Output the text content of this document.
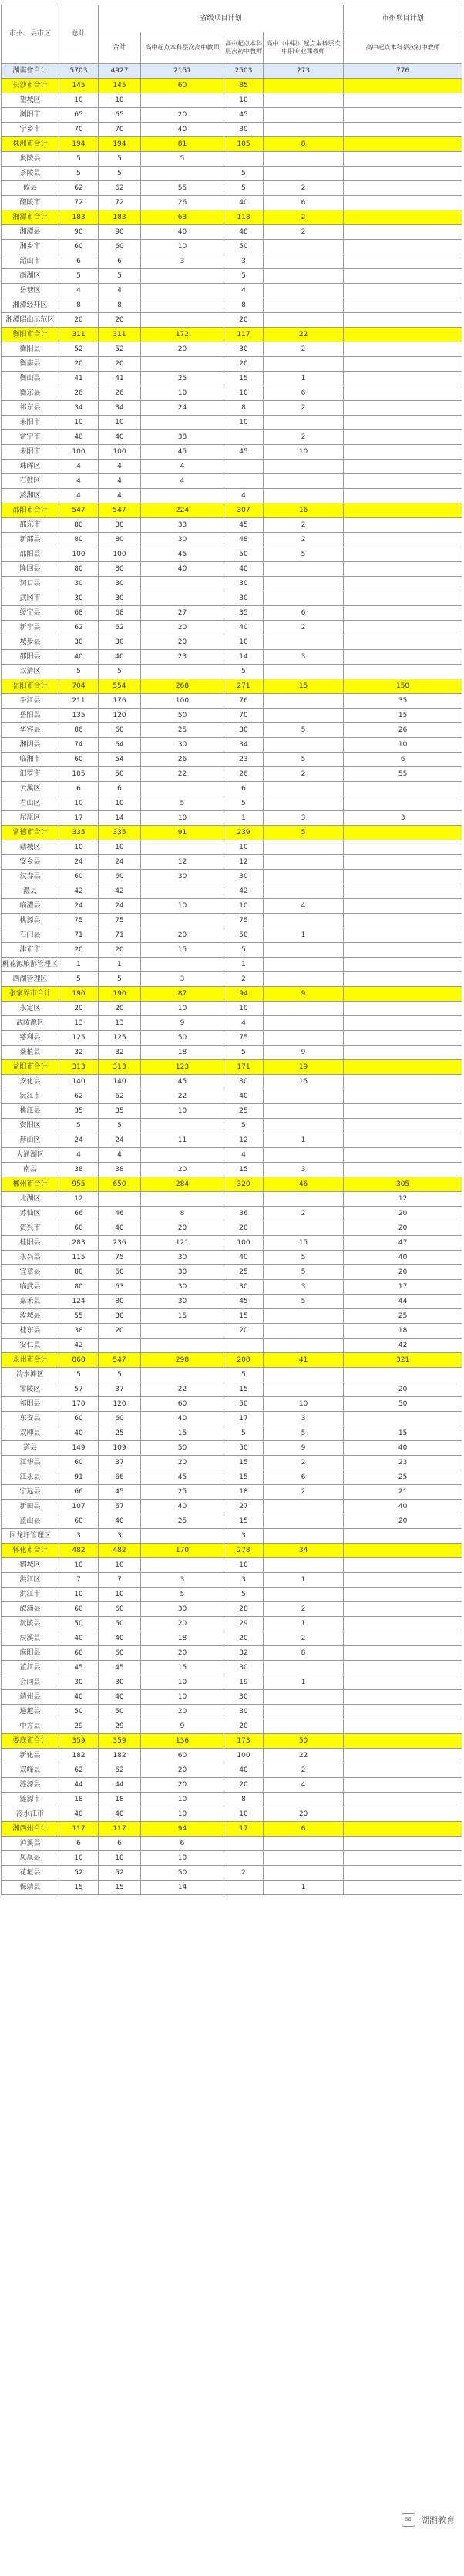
市州、县市区	总计	省级项目计划				市州项目计划
		合计	高中起点本科层次高中教师	高中起点本科层次初中教师	高中（中职）起点本科层次中职专业课教师	高中起点本科层次初中教师
湖南省合计	5703	4927	2151	2503	273	776
长沙市合计	145	145	60	85		
望城区	10	10		10		
浏阳市	65	65	20	45		
宁乡市	70	70	40	30		
株洲市合计	194	194	81	105	8	
炎陵县	5	5	5			
茶陵县	5	5		5		
攸县	62	62	55	5	2	
醴陵市	72	72	26	40	6	
湘潭市合计	183	183	63	118	2	
湘潭县	90	90	40	48	2	
湘乡市	60	60	10	50		
韶山市	6	6	3	3		
雨湖区	5	5		5		
岳塘区	4	4		4		
湘潭经开区	8	8		8		
湘潭昭山示范区	20	20		20		
衡阳市合计	311	311	172	117	22	
衡阳县	52	52	20	30	2	
衡南县	20	20		20		
衡山县	41	41	25	15	1	
衡东县	26	26	10	10	6	
祁东县	34	34	24	8	2	
耒阳市	10	10		10		
常宁市	40	40	38		2	
耒阳市	100	100	45	45	10	
珠晖区	4	4	4			
石鼓区	4	4	4			
蒸湘区	4	4		4		
邵阳市合计	547	547	224	307	16	
邵东市	80	80	33	45	2	
新邵县	80	80	30	48	2	
邵阳县	100	100	45	50	5	
隆回县	80	80	40	40		
洞口县	30	30		30		
武冈市	30	30		30		
绥宁县	68	68	27	35	6	
新宁县	62	62	20	40	2	
城步县	30	30	20	10		
邵阳县	40	40	23	14	3	
双清区	5	5		5		
岳阳市合计	704	554	268	271	15	150
平江县	211	176	100	76		35
岳阳县	135	120	50	70		15
华容县	86	60	25	30	5	26
湘阴县	74	64	30	34		10
临湘市	60	54	26	23	5	6
汨罗市	105	50	22	26	2	55
云溪区	6	6		6		
君山区	10	10	5	5		
屈原区	17	14	10	1	3	3
常德市合计	335	335	91	239	5	
鼎城区	10	10		10		
安乡县	24	24	12	12		
汉寿县	60	60	30	30		
澧县	42	42		42		
临澧县	24	24	10	10	4	
桃源县	75	75		75		
石门县	71	71	20	50	1	
津市市	20	20	15	5		
桃花源旅游管理区	1	1		1		
西湖管理区	5	5	3	2		
张家界市合计	190	190	87	94	9	
永定区	20	20	10	10		
武陵源区	13	13	9	4		
慈利县	125	125	50	75		
桑植县	32	32	18	5	9	
益阳市合计	313	313	123	171	19	
安化县	140	140	45	80	15	
沅江市	62	62	22	40		
桃江县	35	35	10	25		
资阳区	5	5		5		
赫山区	24	24	11	12	1	
大通湖区	4	4		4		
南县	38	38	20	15	3	
郴州市合计	955	650	284	320	46	305
北湖区	12					12
苏仙区	66	46	8	36	2	20
资兴市	60	40	20	20		20
桂阳县	283	236	121	100	15	47
永兴县	115	75	30	40	5	40
宜章县	80	60	30	25	5	20
临武县	80	63	30	30	3	17
嘉禾县	124	80	30	45	5	44
汝城县	55	30	15	15		25
桂东县	38	20		20		18
安仁县	42					42
永州市合计	868	547	298	208	41	321
冷水滩区	5	5		5		
零陵区	57	37	22	15		20
祁阳县	170	120	60	50	10	50
东安县	60	60	40	17	3	
双牌县	40	25	15	5	5	15
道县	149	109	50	50	9	40
江华县	60	37	20	15	2	23
江永县	91	66	45	15	6	25
宁远县	66	45	25	18	2	21
新田县	107	67	40	27		40
蓝山县	60	40	25	15		20
回龙圩管理区	3	3		3		
怀化市合计	482	482	170	278	34	
鹤城区	10	10		10		
洪江区	7	7	3	3	1	
洪江市	10	10	5	5		
溆浦县	60	60	30	28	2	
沅陵县	50	50	20	29	1	
辰溪县	40	40	18	20	2	
麻阳县	60	60	20	32	8	
芷江县	45	45	15	30		
会同县	30	30	10	19	1	
靖州县	40	40	10	30		
通道县	50	50	20	30		
中方县	29	29	9	20		
娄底市合计	359	359	136	173	50	
新化县	182	182	60	100	22	
双峰县	62	62	20	40	2	
涟源县	44	44	20	20	4	
涟源市	18	18	10	8		
冷水江市	40	40	10	10	20	
湘西州合计	117	117	94	17	6	
泸溪县	6	6	6			
凤凰县	10	10	10			
花垣县	52	52	50	2		
保靖县	15	15	14		1	
✉ ·湖湘教育
